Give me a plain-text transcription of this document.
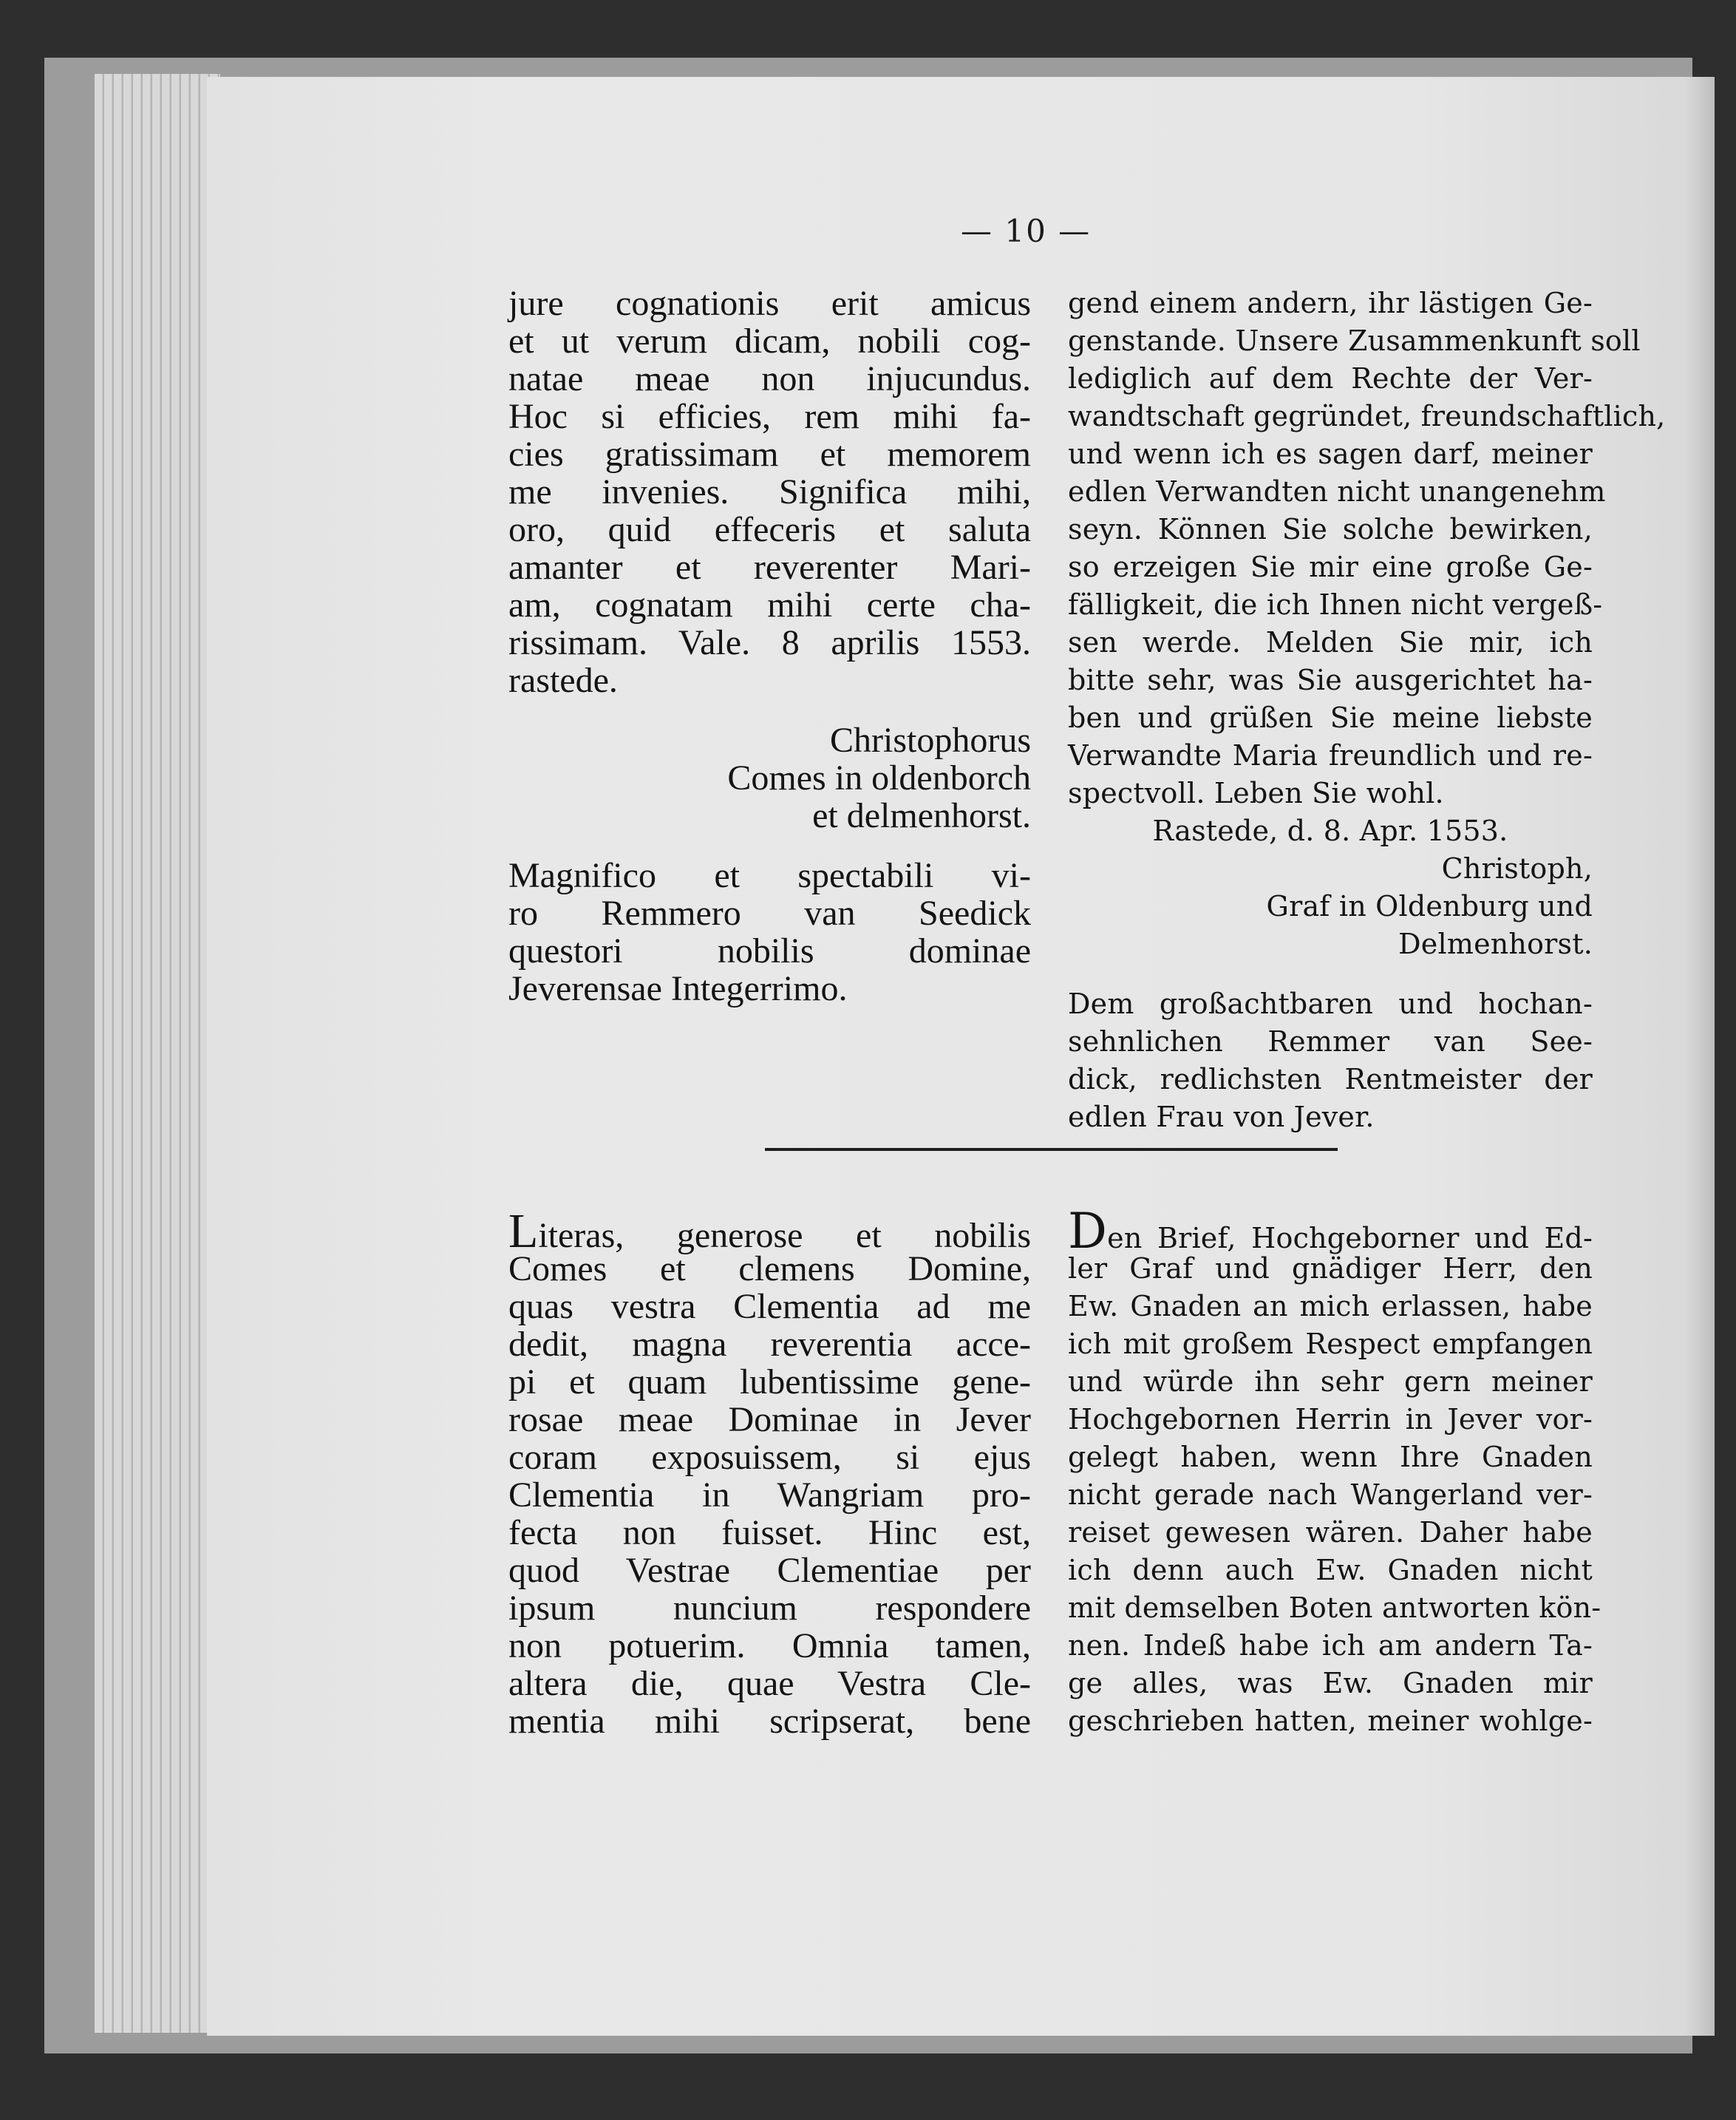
— 10 —
jure cognationis erit amicus
et ut verum dicam, nobili cog-
natae meae non injucundus.
Hoc si efficies, rem mihi fa-
cies gratissimam et memorem
me invenies. Significa mihi,
oro, quid effeceris et saluta
amanter et reverenter Mari-
am, cognatam mihi certe cha-
rissimam. Vale. 8 aprilis 1553.
rastede.
Christophorus
Comes in oldenborch
et delmenhorst.
Magnifico et spectabili vi-
ro Remmero van Seedick
questori nobilis dominae
Jeverensae Integerrimo.
gend einem andern, ihr lästigen Ge-
genstande. Unsere Zusammenkunft soll
lediglich auf dem Rechte der Ver-
wandtschaft gegründet, freundschaftlich,
und wenn ich es sagen darf, meiner
edlen Verwandten nicht unangenehm
seyn. Können Sie solche bewirken,
so erzeigen Sie mir eine große Ge-
fälligkeit, die ich Ihnen nicht vergeß-
sen werde. Melden Sie mir, ich
bitte sehr, was Sie ausgerichtet ha-
ben und grüßen Sie meine liebste
Verwandte Maria freundlich und re-
spectvoll. Leben Sie wohl.
Rastede, d. 8. Apr. 1553.
Christoph,
Graf in Oldenburg und
Delmenhorst.
Dem großachtbaren und hochan-
sehnlichen Remmer van See-
dick, redlichsten Rentmeister der
edlen Frau von Jever.
Literas, generose et nobilis
Comes et clemens Domine,
quas vestra Clementia ad me
dedit, magna reverentia acce-
pi et quam lubentissime gene-
rosae meae Dominae in Jever
coram exposuissem, si ejus
Clementia in Wangriam pro-
fecta non fuisset. Hinc est,
quod Vestrae Clementiae per
ipsum nuncium respondere
non potuerim. Omnia tamen,
altera die, quae Vestra Cle-
mentia mihi scripserat, bene
Den Brief, Hochgeborner und Ed-
ler Graf und gnädiger Herr, den
Ew. Gnaden an mich erlassen, habe
ich mit großem Respect empfangen
und würde ihn sehr gern meiner
Hochgebornen Herrin in Jever vor-
gelegt haben, wenn Ihre Gnaden
nicht gerade nach Wangerland ver-
reiset gewesen wären. Daher habe
ich denn auch Ew. Gnaden nicht
mit demselben Boten antworten kön-
nen. Indeß habe ich am andern Ta-
ge alles, was Ew. Gnaden mir
geschrieben hatten, meiner wohlge-
